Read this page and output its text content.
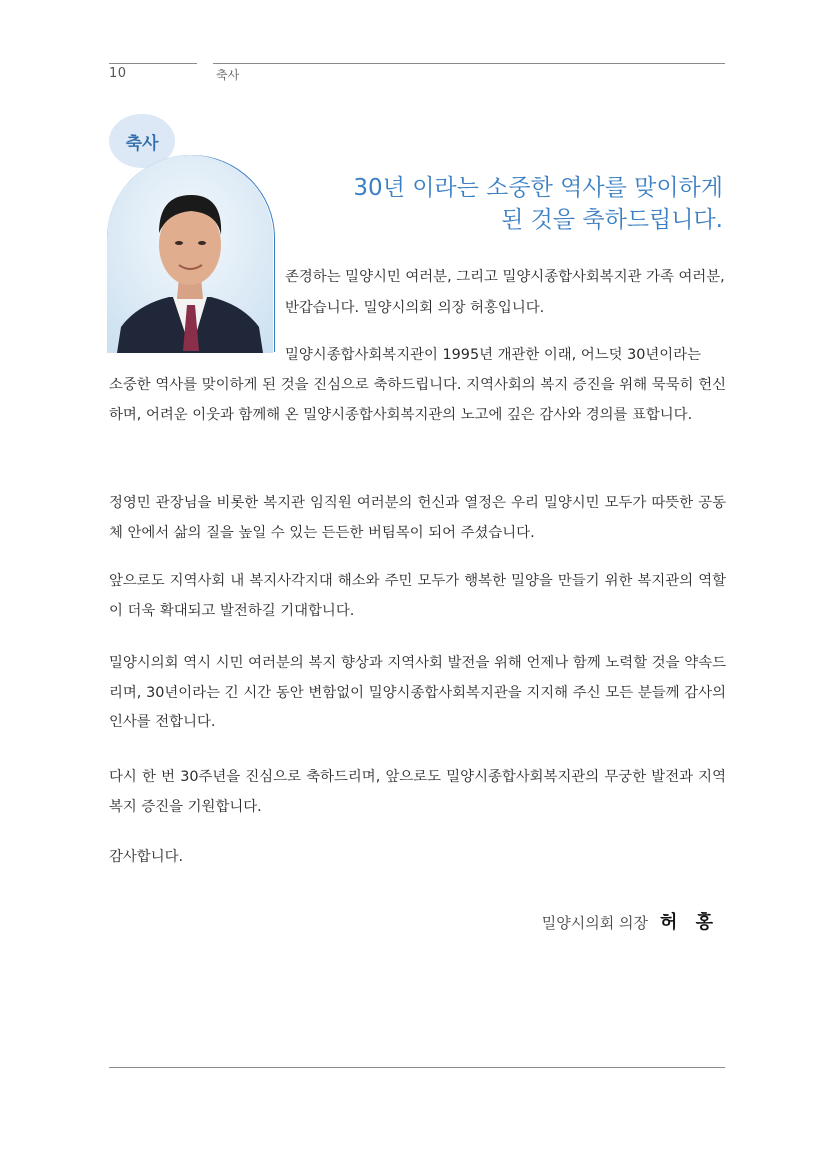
10	축사
축사
30년 이라는 소중한 역사를 맞이하게
된 것을 축하드립니다.
존경하는 밀양시민 여러분, 그리고 밀양시종합사회복지관 가족 여러분,
반갑습니다. 밀양시의회 의장 허홍입니다.
밀양시종합사회복지관이 1995년 개관한 이래, 어느덧 30년이라는

소중한 역사를 맞이하게 된 것을 진심으로 축하드립니다. 지역사회의 복지 증진을 위해 묵묵히 헌신하며, 어려운 이웃과 함께해 온 밀양시종합사회복지관의 노고에 깊은 감사와 경의를 표합니다.

정영민 관장님을 비롯한 복지관 임직원 여러분의 헌신과 열정은 우리 밀양시민 모두가 따뜻한 공동체 안에서 삶의 질을 높일 수 있는 든든한 버팀목이 되어 주셨습니다.

앞으로도 지역사회 내 복지사각지대 해소와 주민 모두가 행복한 밀양을 만들기 위한 복지관의 역할이 더욱 확대되고 발전하길 기대합니다.

밀양시의회 역시 시민 여러분의 복지 향상과 지역사회 발전을 위해 언제나 함께 노력할 것을 약속드리며, 30년이라는 긴 시간 동안 변함없이 밀양시종합사회복지관을 지지해 주신 모든 분들께 감사의 인사를 전합니다.

다시 한 번 30주년을 진심으로 축하드리며, 앞으로도 밀양시종합사회복지관의 무궁한 발전과 지역 복지 증진을 기원합니다.

감사합니다.

밀양시의회 의장 허 홍
